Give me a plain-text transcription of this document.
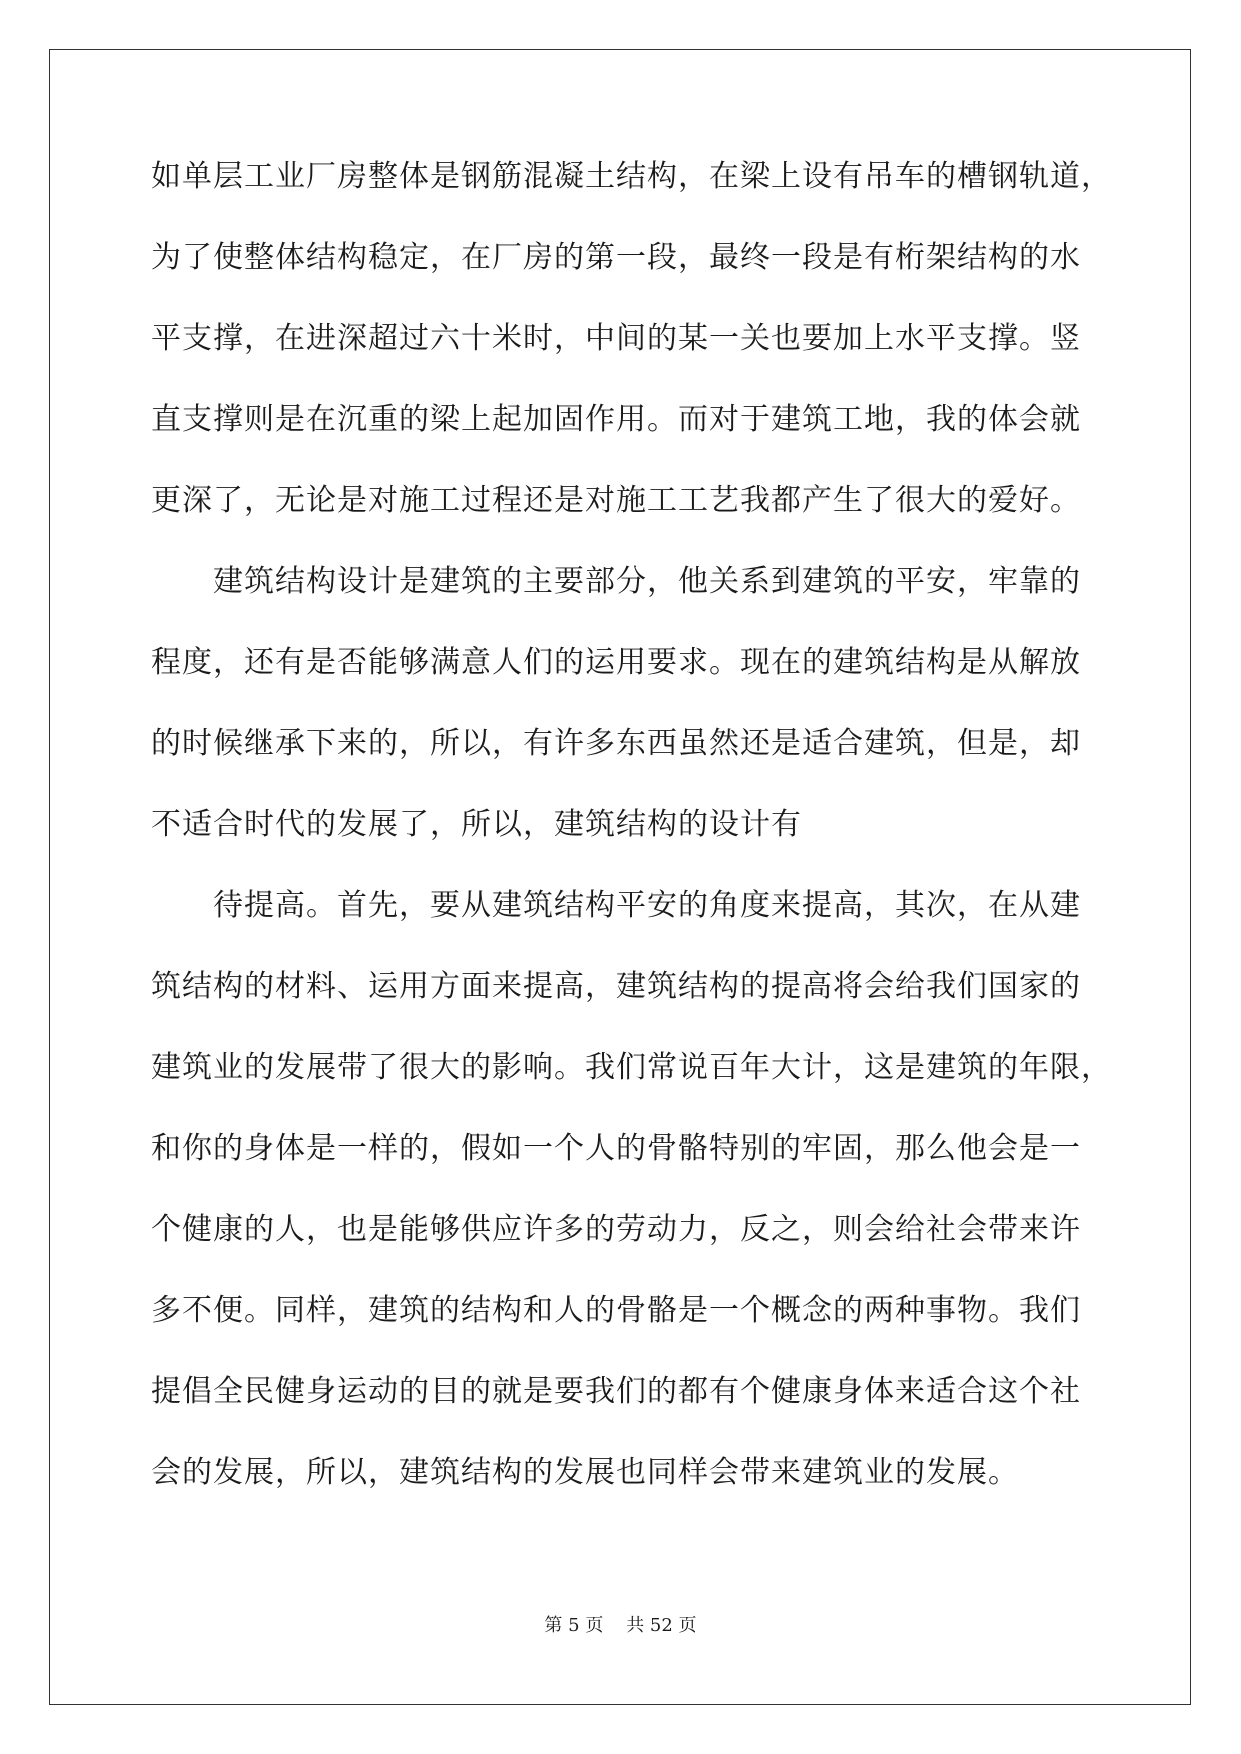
如单层工业厂房整体是钢筋混凝土结构，在梁上设有吊车的槽钢轨道，
为了使整体结构稳定，在厂房的第一段，最终一段是有桁架结构的水
平支撑，在进深超过六十米时，中间的某一关也要加上水平支撑。竖
直支撑则是在沉重的梁上起加固作用。而对于建筑工地，我的体会就
更深了，无论是对施工过程还是对施工工艺我都产生了很大的爱好。
建筑结构设计是建筑的主要部分，他关系到建筑的平安，牢靠的
程度，还有是否能够满意人们的运用要求。现在的建筑结构是从解放
的时候继承下来的，所以，有许多东西虽然还是适合建筑，但是，却
不适合时代的发展了，所以，建筑结构的设计有
待提高。首先，要从建筑结构平安的角度来提高，其次，在从建
筑结构的材料、运用方面来提高，建筑结构的提高将会给我们国家的
建筑业的发展带了很大的影响。我们常说百年大计，这是建筑的年限，
和你的身体是一样的，假如一个人的骨骼特别的牢固，那么他会是一
个健康的人，也是能够供应许多的劳动力，反之，则会给社会带来许
多不便。同样，建筑的结构和人的骨骼是一个概念的两种事物。我们
提倡全民健身运动的目的就是要我们的都有个健康身体来适合这个社
会的发展，所以，建筑结构的发展也同样会带来建筑业的发展。
第 5 页    共 52 页
